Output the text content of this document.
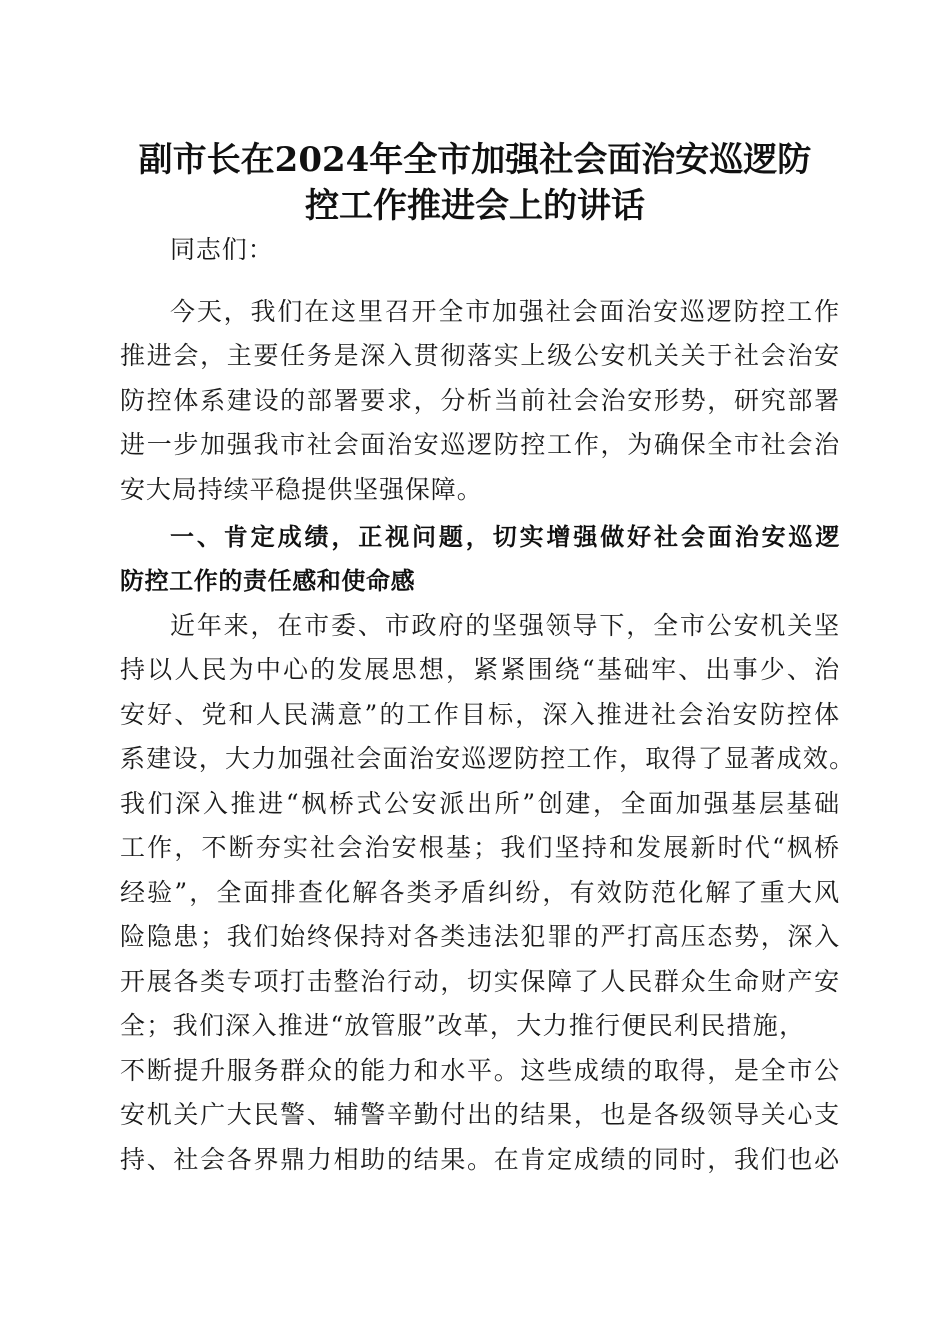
副市长在2024年全市加强社会面治安巡逻防
控工作推进会上的讲话
同志们：
今天，我们在这里召开全市加强社会面治安巡逻防控工作
推进会，主要任务是深入贯彻落实上级公安机关关于社会治安
防控体系建设的部署要求，分析当前社会治安形势，研究部署
进一步加强我市社会面治安巡逻防控工作，为确保全市社会治
安大局持续平稳提供坚强保障。
一、肯定成绩，正视问题，切实增强做好社会面治安巡逻
防控工作的责任感和使命感
近年来，在市委、市政府的坚强领导下，全市公安机关坚
持以人民为中心的发展思想，紧紧围绕“基础牢、出事少、治
安好、党和人民满意”的工作目标，深入推进社会治安防控体
系建设，大力加强社会面治安巡逻防控工作，取得了显著成效。
我们深入推进“枫桥式公安派出所”创建，全面加强基层基础
工作，不断夯实社会治安根基；我们坚持和发展新时代“枫桥
经验”，全面排查化解各类矛盾纠纷，有效防范化解了重大风
险隐患；我们始终保持对各类违法犯罪的严打高压态势，深入
开展各类专项打击整治行动，切实保障了人民群众生命财产安
全；我们深入推进“放管服”改革，大力推行便民利民措施，
不断提升服务群众的能力和水平。这些成绩的取得，是全市公
安机关广大民警、辅警辛勤付出的结果，也是各级领导关心支
持、社会各界鼎力相助的结果。在肯定成绩的同时，我们也必
